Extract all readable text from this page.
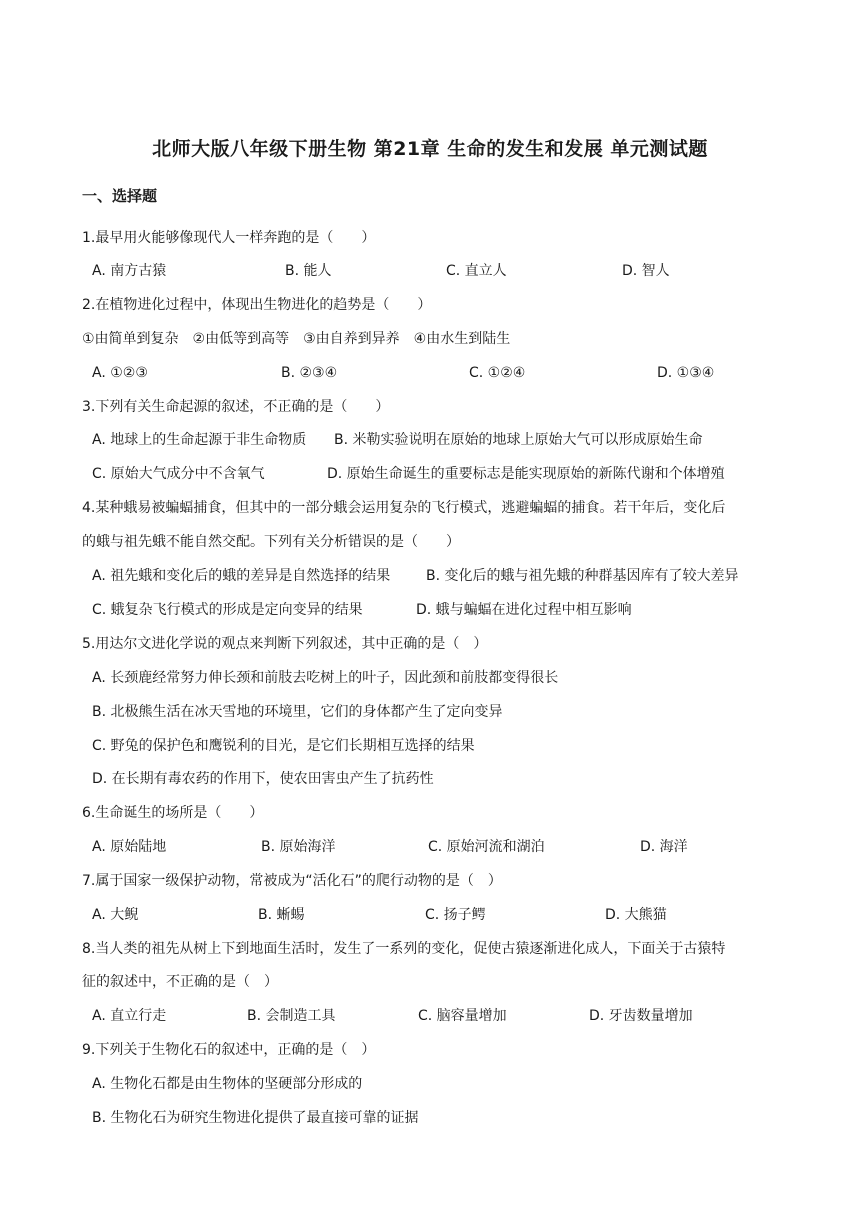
北师大版八年级下册生物 第21章 生命的发生和发展 单元测试题
一、选择题
1.最早用火能够像现代人一样奔跑的是（　　）
A. 南方古猿	B. 能人	C. 直立人	D. 智人
2.在植物进化过程中，体现出生物进化的趋势是（　　）
①由简单到复杂　②由低等到高等　③由自养到异养　④由水生到陆生
A. ①②③	B. ②③④	C. ①②④	D. ①③④
3.下列有关生命起源的叙述，不正确的是（　　）
A. 地球上的生命起源于非生命物质 B. 米勒实验说明在原始的地球上原始大气可以形成原始生命
C. 原始大气成分中不含氧气	D. 原始生命诞生的重要标志是能实现原始的新陈代谢和个体增殖
4.某种蛾易被蝙蝠捕食，但其中的一部分蛾会运用复杂的飞行模式，逃避蝙蝠的捕食。若干年后，变化后
的蛾与祖先蛾不能自然交配。下列有关分析错误的是（　　）
A. 祖先蛾和变化后的蛾的差异是自然选择的结果	B. 变化后的蛾与祖先蛾的种群基因库有了较大差异
C. 蛾复杂飞行模式的形成是定向变异的结果	D. 蛾与蝙蝠在进化过程中相互影响
5.用达尔文进化学说的观点来判断下列叙述，其中正确的是（　）
A. 长颈鹿经常努力伸长颈和前肢去吃树上的叶子，因此颈和前肢都变得很长
B. 北极熊生活在冰天雪地的环境里，它们的身体都产生了定向变异
C. 野兔的保护色和鹰锐利的目光，是它们长期相互选择的结果
D. 在长期有毒农药的作用下，使农田害虫产生了抗药性
6.生命诞生的场所是（　　）
A. 原始陆地	B. 原始海洋	C. 原始河流和湖泊	D. 海洋
7.属于国家一级保护动物，常被成为“活化石”的爬行动物的是（　）
A. 大鲵	B. 蜥蜴	C. 扬子鳄	D. 大熊猫
8.当人类的祖先从树上下到地面生活时，发生了一系列的变化，促使古猿逐渐进化成人，下面关于古猿特
征的叙述中，不正确的是（　）
A. 直立行走	B. 会制造工具	C. 脑容量增加	D. 牙齿数量增加
9.下列关于生物化石的叙述中，正确的是（　）
A. 生物化石都是由生物体的坚硬部分形成的
B. 生物化石为研究生物进化提供了最直接可靠的证据
